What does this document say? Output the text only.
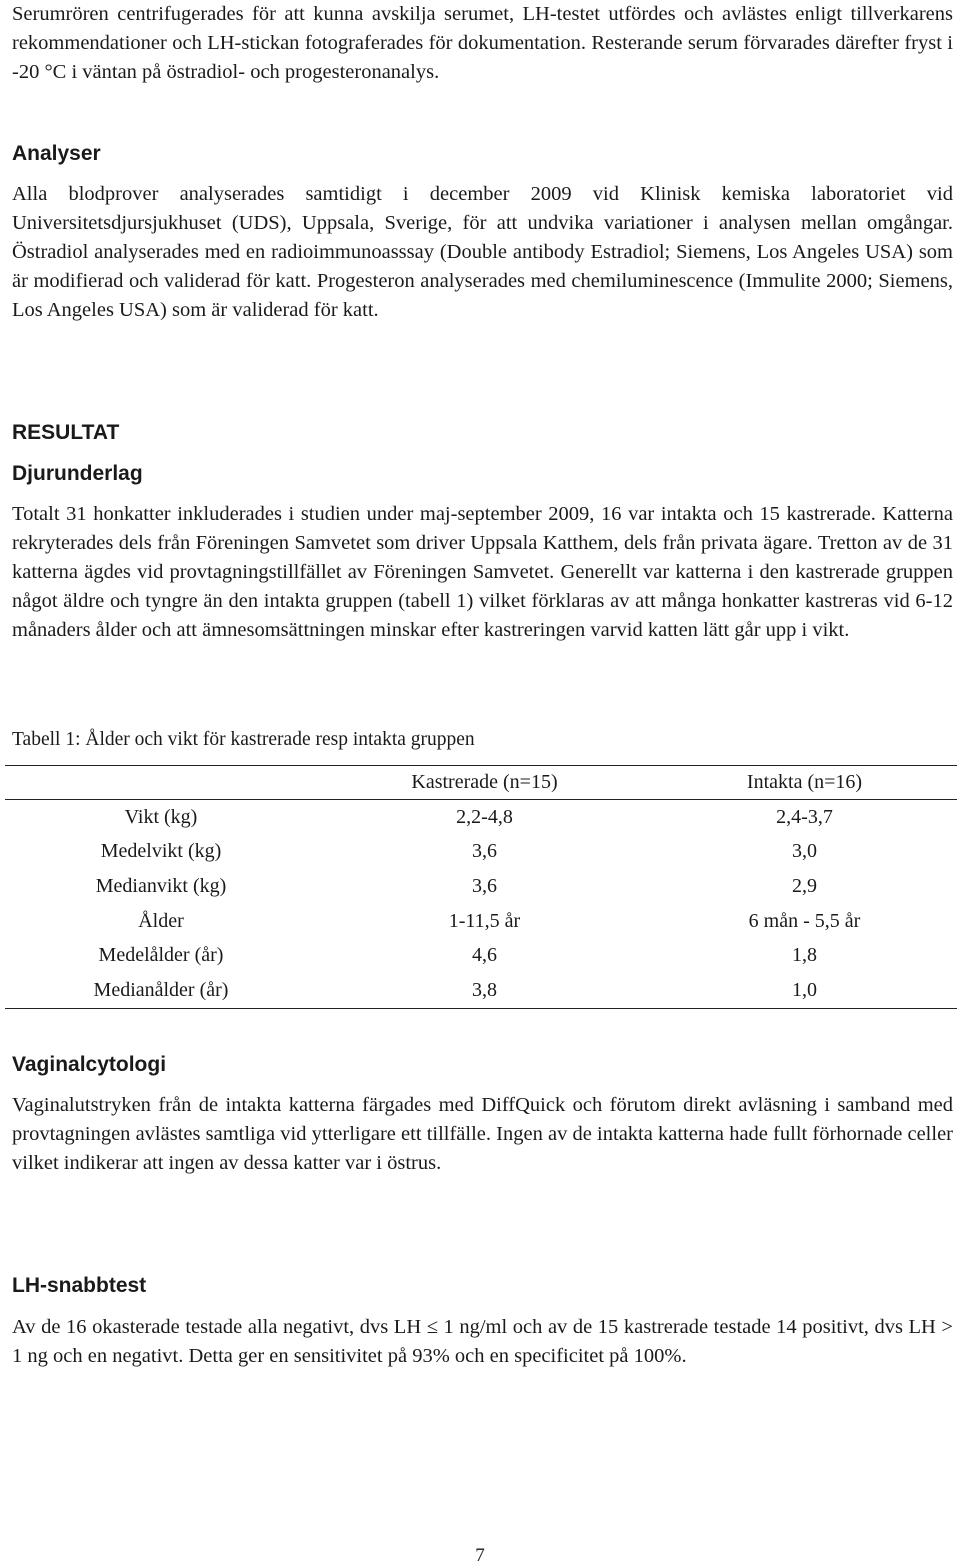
Serumrören centrifugerades för att kunna avskilja serumet, LH-testet utfördes och avlästes enligt tillverkarens rekommendationer och LH-stickan fotograferades för dokumentation. Resterande serum förvarades därefter fryst i -20 °C i väntan på östradiol- och progesteronanalys.

Analyser

Alla blodprover analyserades samtidigt i december 2009 vid Klinisk kemiska laboratoriet vid Universitetsdjursjukhuset (UDS), Uppsala, Sverige, för att undvika variationer i analysen mellan omgångar. Östradiol analyserades med en radioimmunoasssay (Double antibody Estradiol; Siemens, Los Angeles USA) som är modifierad och validerad för katt. Progesteron analyserades med chemiluminescence (Immulite 2000; Siemens, Los Angeles USA) som är validerad för katt.

RESULTAT
Djurunderlag

Totalt 31 honkatter inkluderades i studien under maj-september 2009, 16 var intakta och 15 kastrerade. Katterna rekryterades dels från Föreningen Samvetet som driver Uppsala Katthem, dels från privata ägare. Tretton av de 31 katterna ägdes vid provtagningstillfället av Föreningen Samvetet. Generellt var katterna i den kastrerade gruppen något äldre och tyngre än den intakta gruppen (tabell 1) vilket förklaras av att många honkatter kastreras vid 6-12 månaders ålder och att ämnesomsättningen minskar efter kastreringen varvid katten lätt går upp i vikt.

Tabell 1: Ålder och vikt för kastrerade resp intakta gruppen

	Kastrerade (n=15)	Intakta (n=16)
Vikt (kg)	2,2-4,8	2,4-3,7
Medelvikt (kg)	3,6	3,0
Medianvikt (kg)	3,6	2,9
Ålder	1-11,5 år	6 mån - 5,5 år
Medelålder (år)	4,6	1,8
Medianålder (år)	3,8	1,0
Vaginalcytologi

Vaginalutstryken från de intakta katterna färgades med DiffQuick och förutom direkt avläsning i samband med provtagningen avlästes samtliga vid ytterligare ett tillfälle. Ingen av de intakta katterna hade fullt förhornade celler vilket indikerar att ingen av dessa katter var i östrus.

LH-snabbtest

Av de 16 okasterade testade alla negativt, dvs LH ≤ 1 ng/ml och av de 15 kastrerade testade 14 positivt, dvs LH > 1 ng och en negativt. Detta ger en sensitivitet på 93% och en specificitet på 100%.

7
